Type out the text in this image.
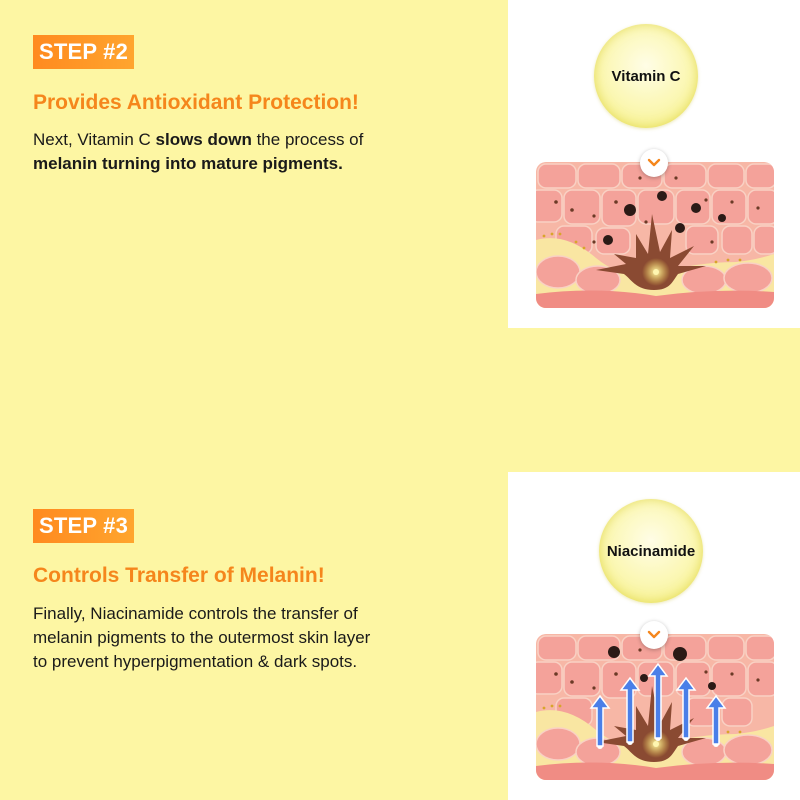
STEP #2
Provides Antioxidant Protection!
Next, Vitamin C slows down the process of
melanin turning into mature pigments.
Vitamin C
STEP #3
Controls Transfer of Melanin!
Finally, Niacinamide controls the transfer of
melanin pigments to the outermost skin layer
to prevent hyperpigmentation & dark spots.
Niacinamide
